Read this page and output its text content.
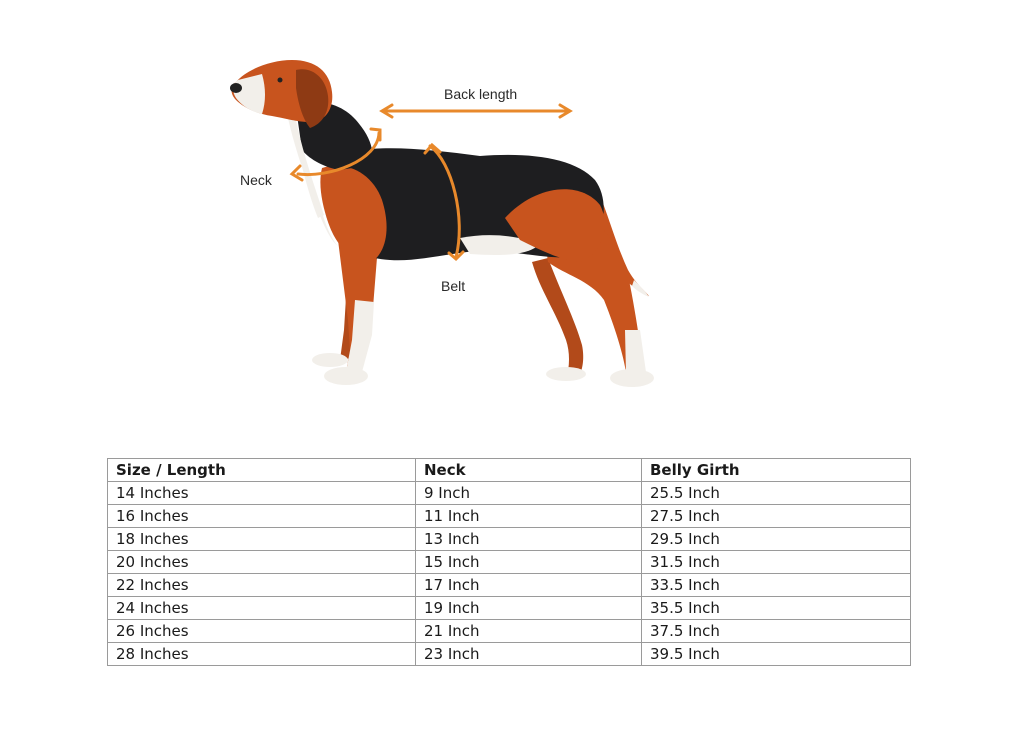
Back length
Neck
Belt
Size / Length	Neck	Belly Girth
14 Inches	9 Inch	25.5 Inch
16 Inches	11 Inch	27.5 Inch
18 Inches	13 Inch	29.5 Inch
20 Inches	15 Inch	31.5 Inch
22 Inches	17 Inch	33.5 Inch
24 Inches	19 Inch	35.5 Inch
26 Inches	21 Inch	37.5 Inch
28 Inches	23 Inch	39.5 Inch
